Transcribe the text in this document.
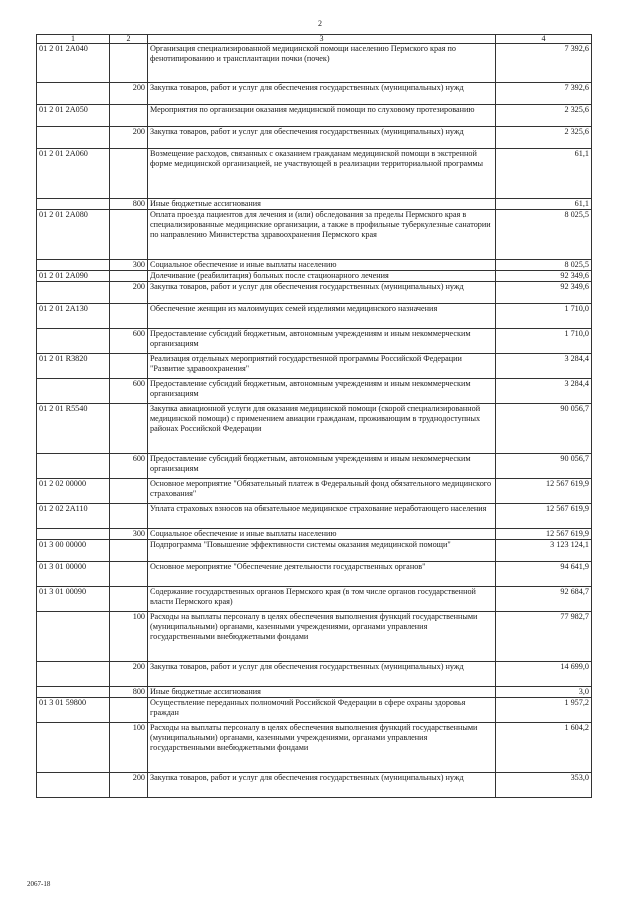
2
1	2	3	4
01 2 01 2A040		Организация специализированной медицинской помощи населению Пермского края по фенотипированию и трансплантации почки (почек)	7 392,6
	200	Закупка товаров, работ и услуг для обеспечения государственных (муниципальных) нужд	7 392,6
01 2 01 2A050		Мероприятия по организации оказания медицинской помощи по слуховому протезированию	2 325,6
	200	Закупка товаров, работ и услуг для обеспечения государственных (муниципальных) нужд	2 325,6
01 2 01 2A060		Возмещение расходов, связанных с оказанием гражданам медицинской помощи в экстренной форме медицинской организацией, не участвующей в реализации территориальной программы	61,1
	800	Иные бюджетные ассигнования	61,1
01 2 01 2A080		Оплата проезда пациентов для лечения и (или) обследования за пределы Пермского края в специализированные медицинские организации, а также в профильные туберкулезные санатории по направлению Министерства здравоохранения Пермского края	8 025,5
	300	Социальное обеспечение и иные выплаты населению	8 025,5
01 2 01 2A090		Долечивание (реабилитация) больных после стационарного лечения	92 349,6
	200	Закупка товаров, работ и услуг для обеспечения государственных (муниципальных) нужд	92 349,6
01 2 01 2A130		Обеспечение женщин из малоимущих семей изделиями медицинского назначения	1 710,0
	600	Предоставление субсидий бюджетным, автономным учреждениям и иным некоммерческим организациям	1 710,0
01 2 01 R3820		Реализация отдельных мероприятий государственной программы Российской Федерации "Развитие здравоохранения"	3 284,4
	600	Предоставление субсидий бюджетным, автономным учреждениям и иным некоммерческим организациям	3 284,4
01 2 01 R5540		Закупка авиационной услуги для оказания медицинской помощи (скорой специализированной медицинской помощи) с применением авиации гражданам, проживающим в труднодоступных районах Российской Федерации	90 056,7
	600	Предоставление субсидий бюджетным, автономным учреждениям и иным некоммерческим организациям	90 056,7
01 2 02 00000		Основное мероприятие "Обязательный платеж в Федеральный фонд обязательного медицинского страхования"	12 567 619,9
01 2 02 2A110		Уплата страховых взносов на обязательное медицинское страхование неработающего населения	12 567 619,9
	300	Социальное обеспечение и иные выплаты населению	12 567 619,9
01 3 00 00000		Подпрограмма "Повышение эффективности системы оказания медицинской помощи"	3 123 124,1
01 3 01 00000		Основное мероприятие "Обеспечение деятельности государственных органов"	94 641,9
01 3 01 00090		Содержание государственных органов Пермского края (в том числе органов государственной власти Пермского края)	92 684,7
	100	Расходы на выплаты персоналу в целях обеспечения выполнения функций государственными (муниципальными) органами, казенными учреждениями, органами управления государственными внебюджетными фондами	77 982,7
	200	Закупка товаров, работ и услуг для обеспечения государственных (муниципальных) нужд	14 699,0
	800	Иные бюджетные ассигнования	3,0
01 3 01 59800		Осуществление переданных полномочий Российской Федерации в сфере охраны здоровья граждан	1 957,2
	100	Расходы на выплаты персоналу в целях обеспечения выполнения функций государственными (муниципальными) органами, казенными учреждениями, органами управления государственными внебюджетными фондами	1 604,2
	200	Закупка товаров, работ и услуг для обеспечения государственных (муниципальных) нужд	353,0
2067-18
